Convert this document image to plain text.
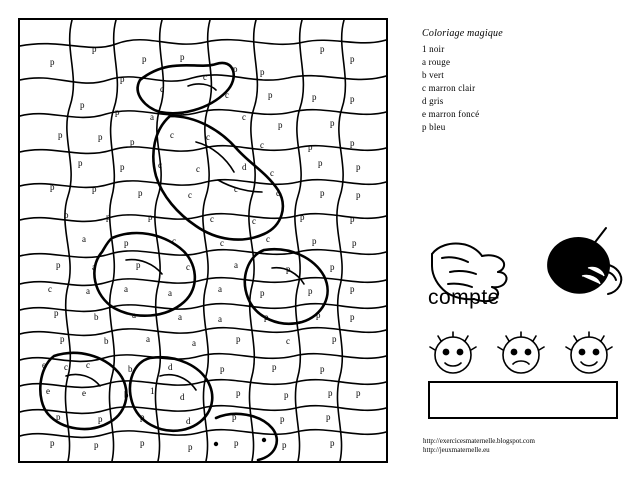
p
p
p	p
c
p	p
p
p
p
c
c	p	p	p
p
p	a	c	c
p	p
p	p	p
c	c
c	p	p
p	p	c	c	d
c
p	p
p	p	p	c
c	c	p	p
p	p	p	c	c	p	p
a	p	c	c	c	p	p
p	a	p	c	a	p	p
c	a	a	a	a	p	p	p
p	b	a	a	a	p	p	p
p	b	a	a	p	c	p
e c c	b	d	p	p	p
e	e	b 1
d	p	p	p	p
p	p	p	d	p	p	p
p	p	p	p	p	p	p
Coloriage magique
1 noir
a rouge
b vert
c marron clair
d gris
e marron foncé
p bleu
compte
http://exercicesmaternelle.blogspot.com
http://jeuxmaternelle.eu
